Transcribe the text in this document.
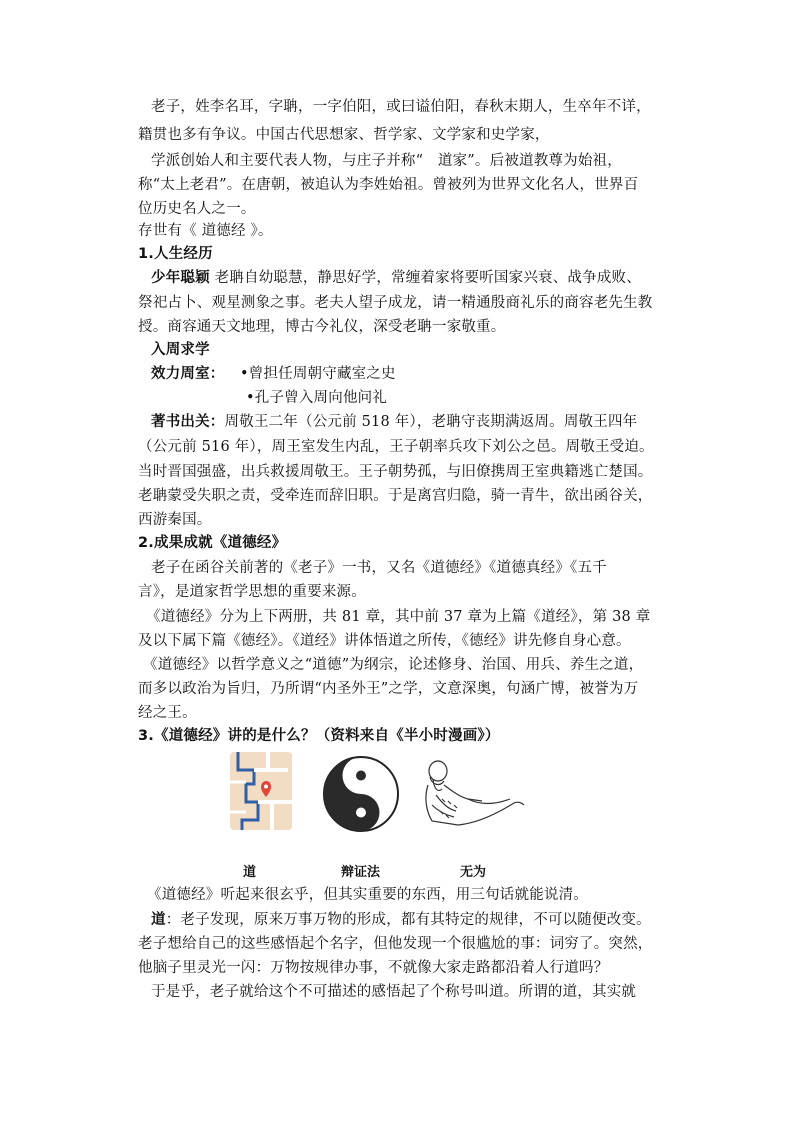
老子，姓李名耳，字聃，一字伯阳，或曰谥伯阳，春秋末期人，生卒年不详，
籍贯也多有争议。中国古代思想家、哲学家、文学家和史学家，
学派创始人和主要代表人物，与庄子并称“　道家”。后被道教尊为始祖，
称“太上老君”。在唐朝，被追认为李姓始祖。曾被列为世界文化名人，世界百
位历史名人之一。
存世有《 道德经 》。
1.人生经历
少年聪颖 老聃自幼聪慧，静思好学，常缠着家将要听国家兴衰、战争成败、
祭祀占卜、观星测象之事。老夫人望子成龙，请一精通殷商礼乐的商容老先生教
授。商容通天文地理，博古今礼仪，深受老聃一家敬重。
入周求学
效力周室： •曾担任周朝守藏室之史
•孔子曾入周向他问礼
著书出关：周敬王二年（公元前 518 年），老聃守丧期满返周。周敬王四年
（公元前 516 年），周王室发生内乱，王子朝率兵攻下刘公之邑。周敬王受迫。
当时晋国强盛，出兵救援周敬王。王子朝势孤，与旧僚携周王室典籍逃亡楚国。
老聃蒙受失职之责，受牵连而辞旧职。于是离宫归隐，骑一青牛，欲出函谷关，
西游秦国。
2.成果成就《道德经》
老子在函谷关前著的《老子》一书，又名《道德经》《道德真经》《五千
言》，是道家哲学思想的重要来源。
《道德经》分为上下两册，共 81 章，其中前 37 章为上篇《道经》，第 38 章
及以下属下篇《德经》。《道经》讲体悟道之所传，《德经》讲先修自身心意。
《道德经》以哲学意义之“道德”为纲宗，论述修身、治国、用兵、养生之道，
而多以政治为旨归，乃所谓“内圣外王”之学，文意深奥，句涵广博，被誉为万
经之王。
3.《道德经》讲的是什么？（资料来自《半小时漫画》）
道	辩证法	无为
《道德经》听起来很玄乎，但其实重要的东西，用三句话就能说清。
道：老子发现，原来万事万物的形成，都有其特定的规律，不可以随便改变。
老子想给自己的这些感悟起个名字，但他发现一个很尴尬的事：词穷了。突然，
他脑子里灵光一闪：万物按规律办事，不就像大家走路都沿着人行道吗？
于是乎，老子就给这个不可描述的感悟起了个称号叫道。所谓的道，其实就
